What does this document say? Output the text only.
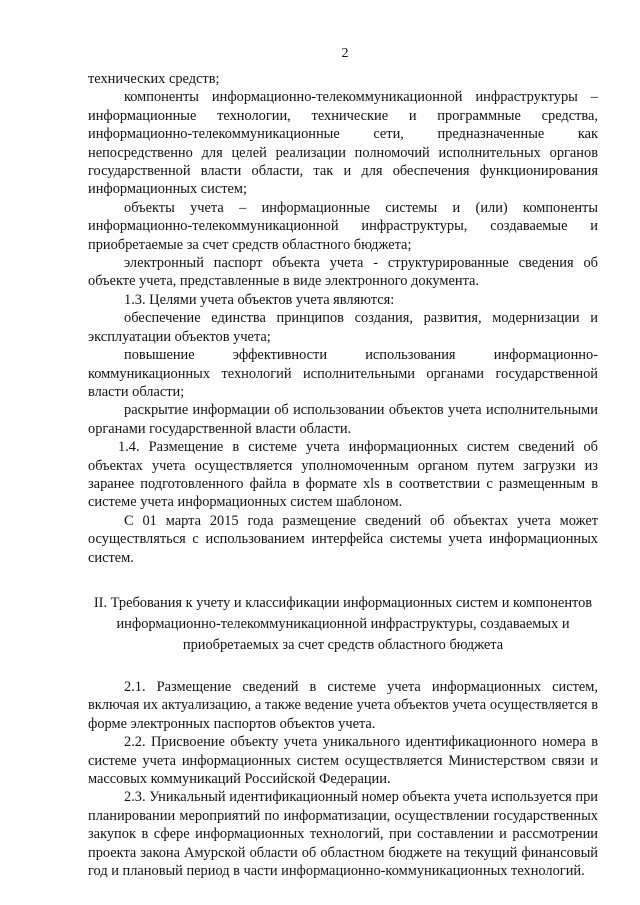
2

технических средств;

компоненты информационно-телекоммуникационной инфраструктуры – информационные технологии, технические и программные средства, информационно-телекоммуникационные сети, предназначенные как непосредственно для целей реализации полномочий исполнительных органов государственной власти области, так и для обеспечения функционирования информационных систем;

объекты учета – информационные системы и (или) компоненты информационно-телекоммуникационной инфраструктуры, создаваемые и приобретаемые за счет средств областного бюджета;

электронный паспорт объекта учета - структурированные сведения об объекте учета, представленные в виде электронного документа.

1.3. Целями учета объектов учета являются:

обеспечение единства принципов создания, развития, модернизации и эксплуатации объектов учета;

повышение эффективности использования информационно-коммуникационных технологий исполнительными органами государственной власти области;

раскрытие информации об использовании объектов учета исполнительными органами государственной власти области.

1.4. Размещение в системе учета информационных систем сведений об объектах учета осуществляется уполномоченным органом путем загрузки из заранее подготовленного файла в формате xls в соответствии с размещенным в системе учета информационных систем шаблоном.

С 01 марта 2015 года размещение сведений об объектах учета может осуществляться с использованием интерфейса системы учета информационных систем.

II. Требования к учету и классификации информационных систем и компонентов информационно-телекоммуникационной инфраструктуры, создаваемых и приобретаемых за счет средств областного бюджета

2.1. Размещение сведений в системе учета информационных систем, включая их актуализацию, а также ведение учета объектов учета осуществляется в форме электронных паспортов объектов учета.

2.2. Присвоение объекту учета уникального идентификационного номера в системе учета информационных систем осуществляется Министерством связи и массовых коммуникаций Российской Федерации.

2.3. Уникальный идентификационный номер объекта учета используется при планировании мероприятий по информатизации, осуществлении государственных закупок в сфере информационных технологий, при составлении и рассмотрении проекта закона Амурской области об областном бюджете на текущий финансовый год и плановый период в части информационно-коммуникационных технологий.
